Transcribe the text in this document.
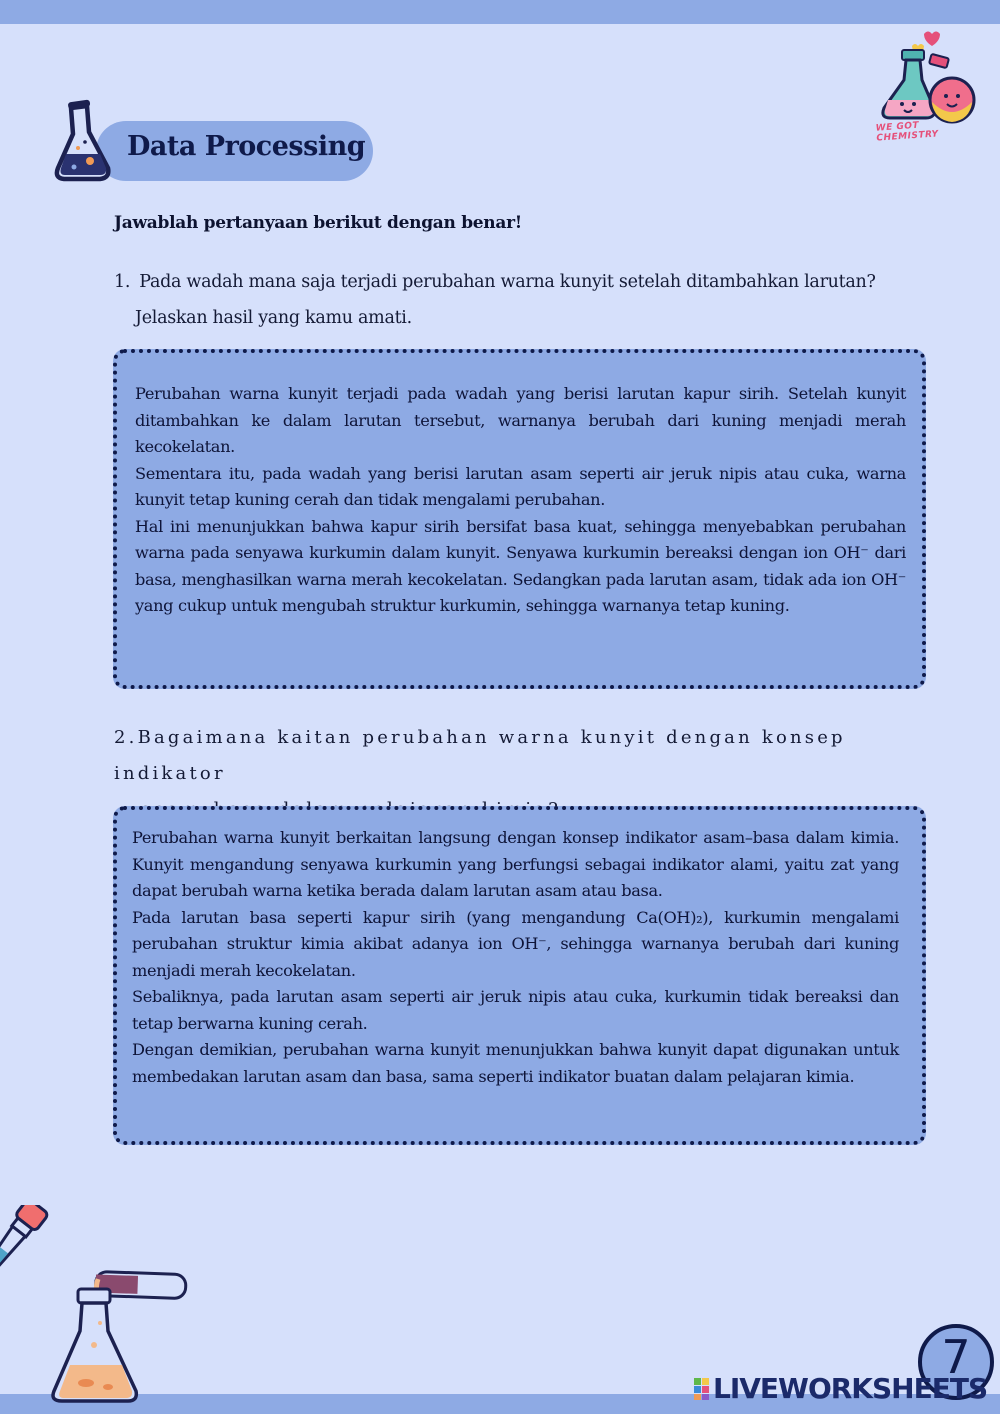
Data Processing
WE GOT CHEMISTRY
Jawablah pertanyaan berikut dengan benar!
1. Pada wadah mana saja terjadi perubahan warna kunyit setelah ditambahkan larutan?
Jelaskan hasil yang kamu amati.

Perubahan warna kunyit terjadi pada wadah yang berisi larutan kapur sirih. Setelah kunyit ditambahkan ke dalam larutan tersebut, warnanya berubah dari kuning menjadi merah kecokelatan.

Sementara itu, pada wadah yang berisi larutan asam seperti air jeruk nipis atau cuka, warna kunyit tetap kuning cerah dan tidak mengalami perubahan.

Hal ini menunjukkan bahwa kapur sirih bersifat basa kuat, sehingga menyebabkan perubahan warna pada senyawa kurkumin dalam kunyit. Senyawa kurkumin bereaksi dengan ion OH⁻ dari basa, menghasilkan warna merah kecokelatan. Sedangkan pada larutan asam, tidak ada ion OH⁻ yang cukup untuk mengubah struktur kurkumin, sehingga warnanya tetap kuning.

2.Bagaimana kaitan perubahan warna kunyit dengan konsep indikator

Perubahan warna kunyit berkaitan langsung dengan konsep indikator asam–basa dalam kimia. Kunyit mengandung senyawa kurkumin yang berfungsi sebagai indikator alami, yaitu zat yang dapat berubah warna ketika berada dalam larutan asam atau basa.

Pada larutan basa seperti kapur sirih (yang mengandung Ca(OH)₂), kurkumin mengalami perubahan struktur kimia akibat adanya ion OH⁻, sehingga warnanya berubah dari kuning menjadi merah kecokelatan.

Sebaliknya, pada larutan asam seperti air jeruk nipis atau cuka, kurkumin tidak bereaksi dan tetap berwarna kuning cerah.

Dengan demikian, perubahan warna kunyit menunjukkan bahwa kunyit dapat digunakan untuk membedakan larutan asam dan basa, sama seperti indikator buatan dalam pelajaran kimia.

7
LIVEWORKSHEETS
